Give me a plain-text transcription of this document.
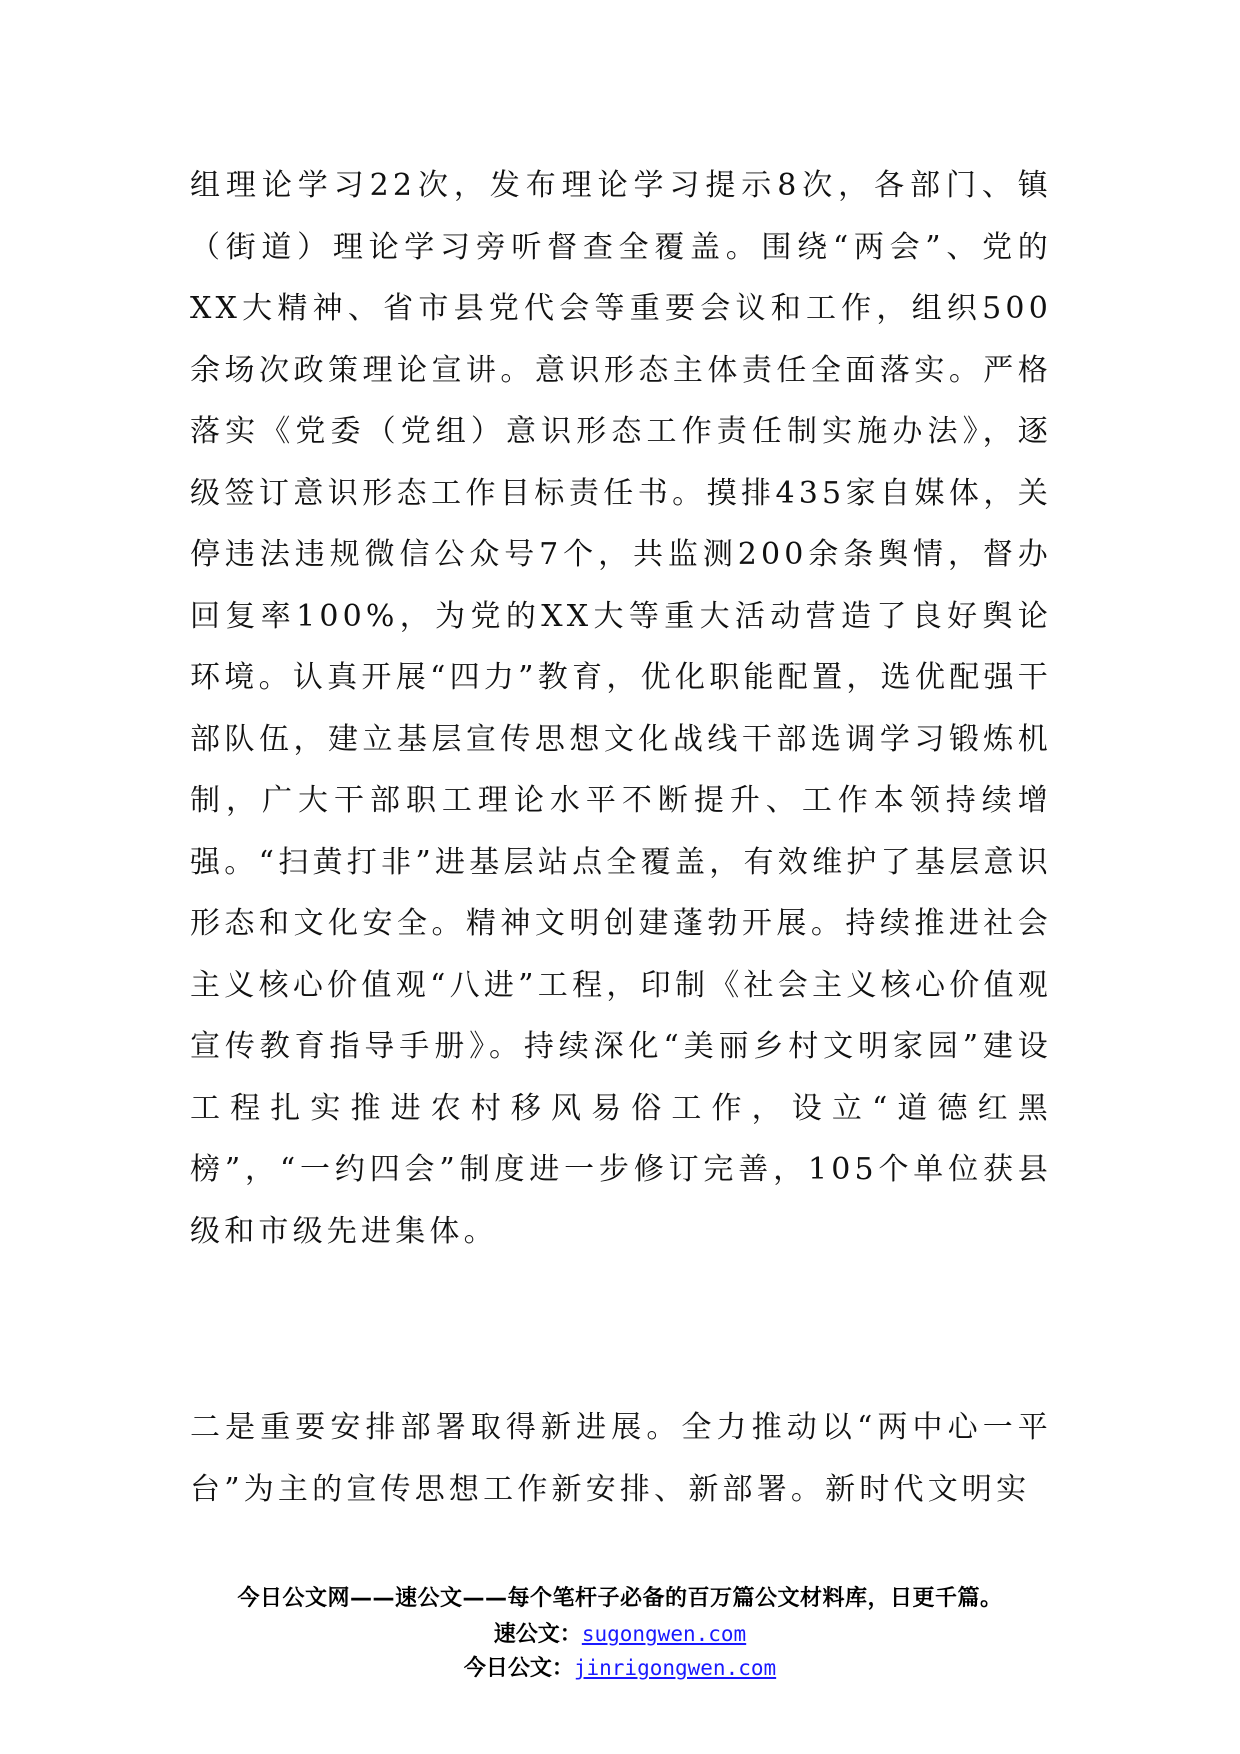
组理论学习22次，发布理论学习提示8次，各部门、镇（街道）理论学习旁听督查全覆盖。围绕“两会”、党的XX大精神、省市县党代会等重要会议和工作，组织500余场次政策理论宣讲。意识形态主体责任全面落实。严格落实《党委（党组）意识形态工作责任制实施办法》，逐级签订意识形态工作目标责任书。摸排435家自媒体，关停违法违规微信公众号7个，共监测200余条舆情，督办回复率100%，为党的XX大等重大活动营造了良好舆论环境。认真开展“四力”教育，优化职能配置，选优配强干部队伍，建立基层宣传思想文化战线干部选调学习锻炼机制，广大干部职工理论水平不断提升、工作本领持续增强。“扫黄打非”进基层站点全覆盖，有效维护了基层意识形态和文化安全。精神文明创建蓬勃开展。持续推进社会主义核心价值观“八进”工程，印制《社会主义核心价值观宣传教育指导手册》。持续深化“美丽乡村文明家园”建设工程扎实推进农村移风易俗工作，设立“道德红黑榜”，“一约四会”制度进一步修订完善，105个单位获县级和市级先进集体。
二是重要安排部署取得新进展。全力推动以“两中心一平台”为主的宣传思想工作新安排、新部署。新时代文明实
今日公文网——速公文——每个笔杆子必备的百万篇公文材料库，日更千篇。
速公文：sugongwen.com
今日公文：jinrigongwen.com
